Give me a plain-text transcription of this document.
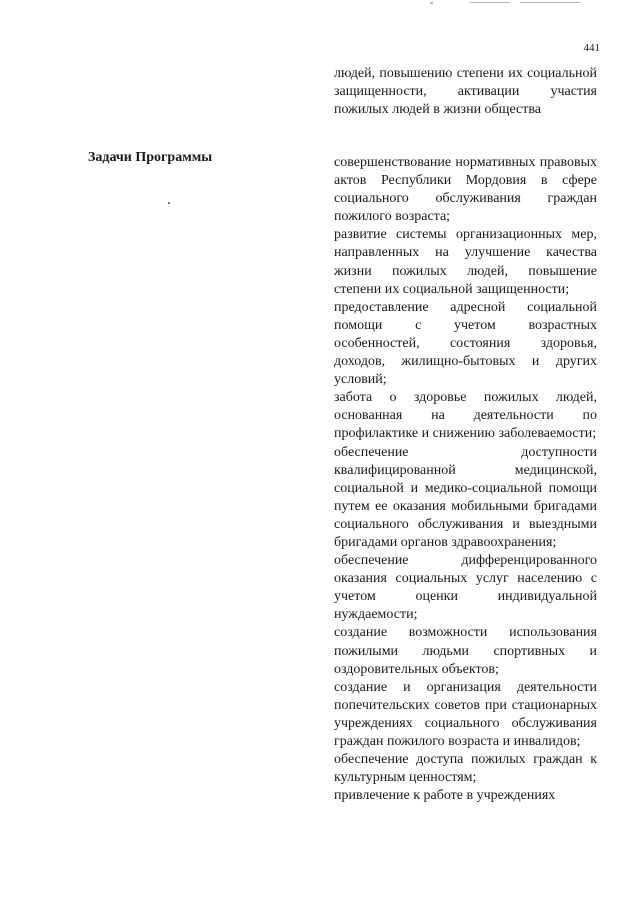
441

людей, повышению степени их социальной защищенности, активации участия пожилых людей в жизни общества

Задачи Программы	совершенствование нормативных правовых актов Республики Мордовия в сфере социального обслуживания граждан пожилого возраста;

развитие системы организационных мер, направленных на улучшение качества жизни пожилых людей, повышение степени их социальной защищенности;

предоставление адресной социальной помощи с учетом возрастных особенностей, состояния здоровья, доходов, жилищно-бытовых и других условий;

забота о здоровье пожилых людей, основанная на деятельности по профилактике и снижению заболеваемости;

обеспечение доступности квалифицированной медицинской, социальной и медико-социальной помощи путем ее оказания мобильными бригадами социального обслуживания и выездными бригадами органов здравоохранения;

обеспечение дифференцированного оказания социальных услуг населению с учетом оценки индивидуальной нуждаемости;

создание возможности использования пожилыми людьми спортивных и оздоровительных объектов;

создание и организация деятельности попечительских советов при стационарных учреждениях социального обслуживания граждан пожилого возраста и инвалидов;

обеспечение доступа пожилых граждан к культурным ценностям;

привлечение к работе в учреждениях
